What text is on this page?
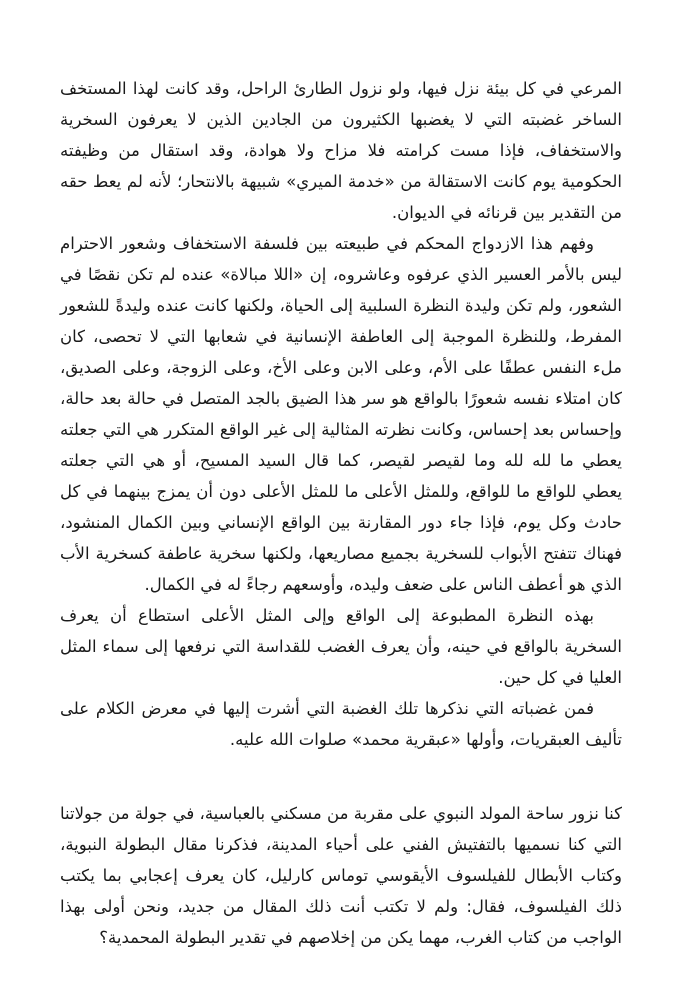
المرعي في كل بيئة نزل فيها، ولو نزول الطارئ الراحل، وقد كانت لهذا المستخف الساخر غضبته التي لا يغضبها الكثيرون من الجادين الذين لا يعرفون السخرية والاستخفاف، فإذا مست كرامته فلا مزاح ولا هوادة، وقد استقال من وظيفته الحكومية يوم كانت الاستقالة من «خدمة الميري» شبيهة بالانتحار؛ لأنه لم يعط حقه من التقدير بين قرنائه في الديوان.

وفهم هذا الازدواج المحكم في طبيعته بين فلسفة الاستخفاف وشعور الاحترام ليس بالأمر العسير الذي عرفوه وعاشروه، إن «اللا مبالاة» عنده لم تكن نقصًا في الشعور، ولم تكن وليدة النظرة السلبية إلى الحياة، ولكنها كانت عنده وليدةً للشعور المفرط، وللنظرة الموجبة إلى العاطفة الإنسانية في شعابها التي لا تحصى، كان ملء النفس عطفًا على الأم، وعلى الابن وعلى الأخ، وعلى الزوجة، وعلى الصديق، كان امتلاء نفسه شعورًا بالواقع هو سر هذا الضيق بالجد المتصل في حالة بعد حالة، وإحساس بعد إحساس، وكانت نظرته المثالية إلى غير الواقع المتكرر هي التي جعلته يعطي ما لله لله وما لقيصر لقيصر، كما قال السيد المسيح، أو هي التي جعلته يعطي للواقع ما للواقع، وللمثل الأعلى ما للمثل الأعلى دون أن يمزج بينهما في كل حادث وكل يوم، فإذا جاء دور المقارنة بين الواقع الإنساني وبين الكمال المنشود، فهناك تتفتح الأبواب للسخرية بجميع مصاريعها، ولكنها سخرية عاطفة كسخرية الأب الذي هو أعطف الناس على ضعف وليده، وأوسعهم رجاءً له في الكمال.

بهذه النظرة المطبوعة إلى الواقع وإلى المثل الأعلى استطاع أن يعرف السخرية بالواقع في حينه، وأن يعرف الغضب للقداسة التي نرفعها إلى سماء المثل العليا في كل حين.

فمن غضباته التي نذكرها تلك الغضبة التي أشرت إليها في معرض الكلام على تأليف العبقريات، وأولها «عبقرية محمد» صلوات الله عليه.

كنا نزور ساحة المولد النبوي على مقربة من مسكني بالعباسية، في جولة من جولاتنا التي كنا نسميها بالتفتيش الفني على أحياء المدينة، فذكرنا مقال البطولة النبوية، وكتاب الأبطال للفيلسوف الأيقوسي توماس كارليل، كان يعرف إعجابي بما يكتب ذلك الفيلسوف، فقال: ولم لا تكتب أنت ذلك المقال من جديد، ونحن أولى بهذا الواجب من كتاب الغرب، مهما يكن من إخلاصهم في تقدير البطولة المحمدية؟
